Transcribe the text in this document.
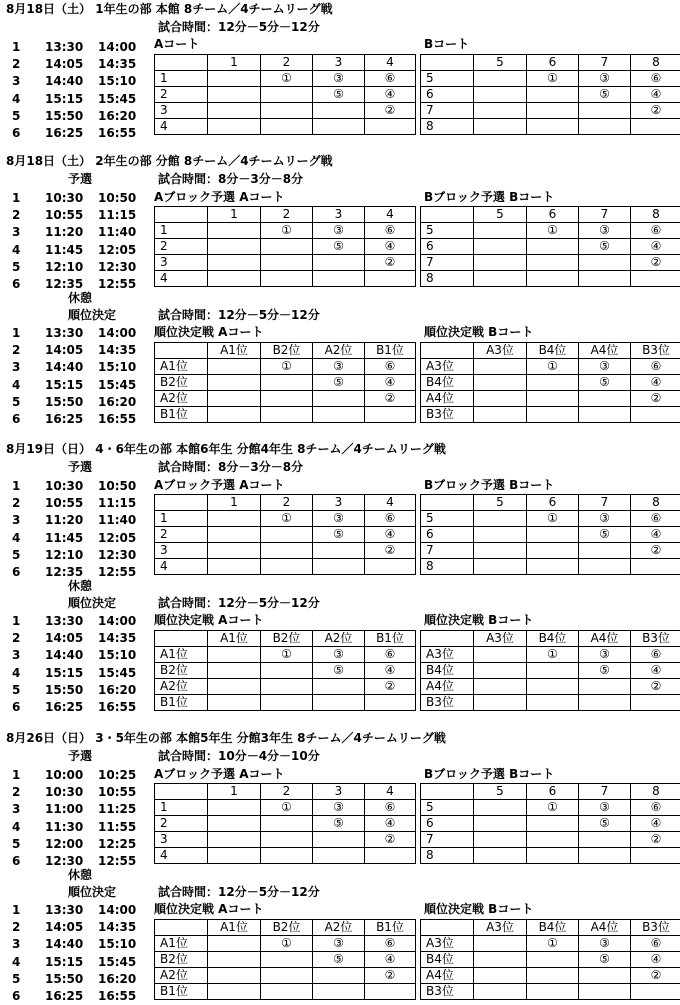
8月18日（土） 1年生の部 本館 8チーム／4チームリーグ戦
試合時間：12分－5分－12分
1 13:30 14:00
2 14:05 14:35
3 14:40 15:10
4 15:15 15:45
5 15:50 16:20
6 16:25 16:55
Aコート
	1	2	3	4
1		①	③	⑥
2			⑤	④
3				②
4				
Bコート
	5	6	7	8
5		①	③	⑥
6			⑤	④
7				②
8				
8月18日（土） 2年生の部 分館 8チーム／4チームリーグ戦
予選	試合時間：8分－3分－8分
1 10:30 10:50
2 10:55 11:15
3 11:20 11:40
4 11:45 12:05
5 12:10 12:30
6 12:35 12:55
Aブロック予選 Aコート
	1	2	3	4
1		①	③	⑥
2			⑤	④
3				②
4				
Bブロック予選 Bコート
	5	6	7	8
5		①	③	⑥
6			⑤	④
7				②
8				
休憩
順位決定	試合時間：12分－5分－12分
1 13:30 14:00
2 14:05 14:35
3 14:40 15:10
4 15:15 15:45
5 15:50 16:20
6 16:25 16:55
順位決定戦 Aコート
	A1位	B2位	A2位	B1位
A1位		①	③	⑥
B2位			⑤	④
A2位				②
B1位				
順位決定戦 Bコート
	A3位	B4位	A4位	B3位
A3位		①	③	⑥
B4位			⑤	④
A4位				②
B3位				
8月19日（日） 4・6年生の部 本館6年生 分館4年生 8チーム／4チームリーグ戦
予選	試合時間：8分－3分－8分
1 10:30 10:50
2 10:55 11:15
3 11:20 11:40
4 11:45 12:05
5 12:10 12:30
6 12:35 12:55
Aブロック予選 Aコート
	1	2	3	4
1		①	③	⑥
2			⑤	④
3				②
4				
Bブロック予選 Bコート
	5	6	7	8
5		①	③	⑥
6			⑤	④
7				②
8				
休憩
順位決定	試合時間：12分－5分－12分
1 13:30 14:00
2 14:05 14:35
3 14:40 15:10
4 15:15 15:45
5 15:50 16:20
6 16:25 16:55
順位決定戦 Aコート
	A1位	B2位	A2位	B1位
A1位		①	③	⑥
B2位			⑤	④
A2位				②
B1位				
順位決定戦 Bコート
	A3位	B4位	A4位	B3位
A3位		①	③	⑥
B4位			⑤	④
A4位				②
B3位				
8月26日（日） 3・5年生の部 本館5年生 分館3年生 8チーム／4チームリーグ戦
予選	試合時間：10分－4分－10分
1 10:00 10:25
2 10:30 10:55
3 11:00 11:25
4 11:30 11:55
5 12:00 12:25
6 12:30 12:55
Aブロック予選 Aコート
	1	2	3	4
1		①	③	⑥
2			⑤	④
3				②
4				
Bブロック予選 Bコート
	5	6	7	8
5		①	③	⑥
6			⑤	④
7				②
8				
休憩
順位決定	試合時間：12分－5分－12分
1 13:30 14:00
2 14:05 14:35
3 14:40 15:10
4 15:15 15:45
5 15:50 16:20
6 16:25 16:55
順位決定戦 Aコート
	A1位	B2位	A2位	B1位
A1位		①	③	⑥
B2位			⑤	④
A2位				②
B1位				
順位決定戦 Bコート
	A3位	B4位	A4位	B3位
A3位		①	③	⑥
B4位			⑤	④
A4位				②
B3位				
